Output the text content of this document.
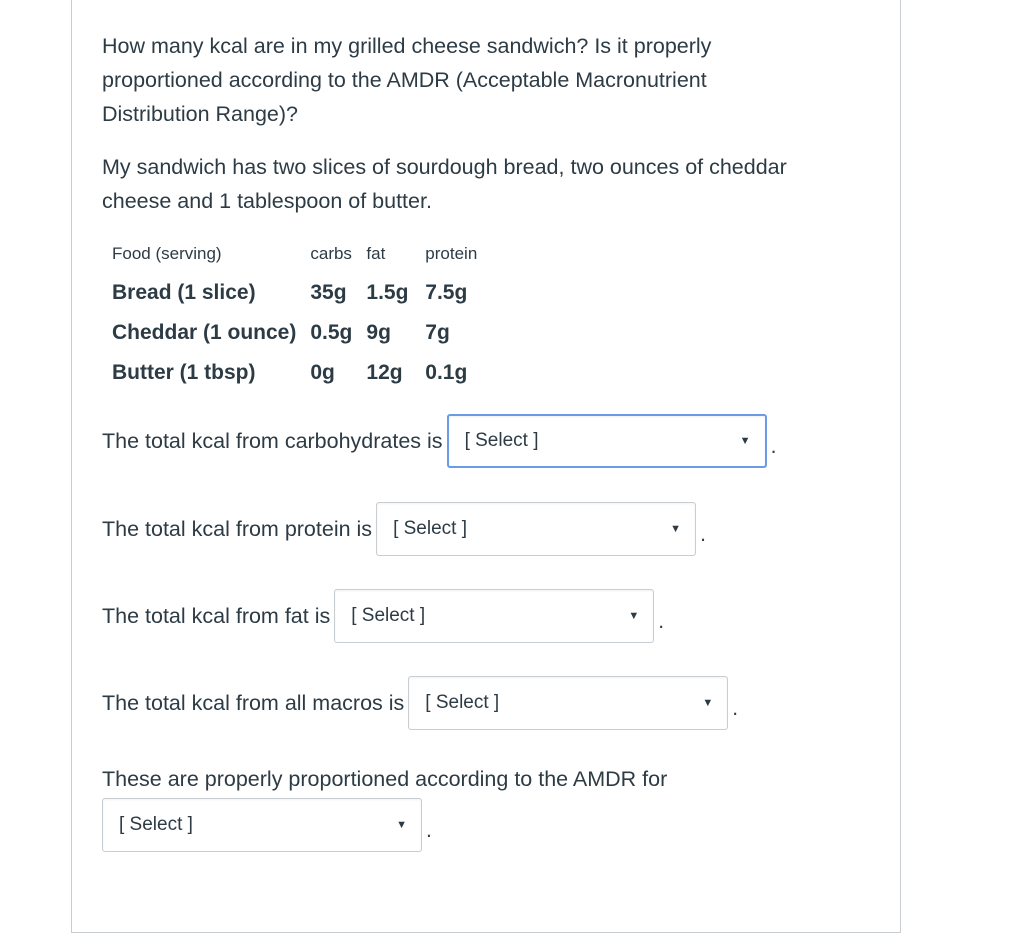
How many kcal are in my grilled cheese sandwich? Is it properly

proportioned according to the AMDR (Acceptable Macronutrient

Distribution Range)?

My sandwich has two slices of sourdough bread, two ounces of cheddar

cheese and 1 tablespoon of butter.

Food (serving)	carbs	fat	protein
Bread (1 slice)	35g	1.5g	7.5g
Cheddar (1 ounce)	0.5g	9g	7g
Butter (1 tbsp)	0g	12g	0.1g
The total kcal from carbohydrates is [ Select ]	▼ .
The total kcal from protein is [ Select ]	▼ .
The total kcal from fat is [ Select ]	▼ .
The total kcal from all macros is [ Select ]	▼ .

These are properly proportioned according to the AMDR for

[ Select ]	▼ .
